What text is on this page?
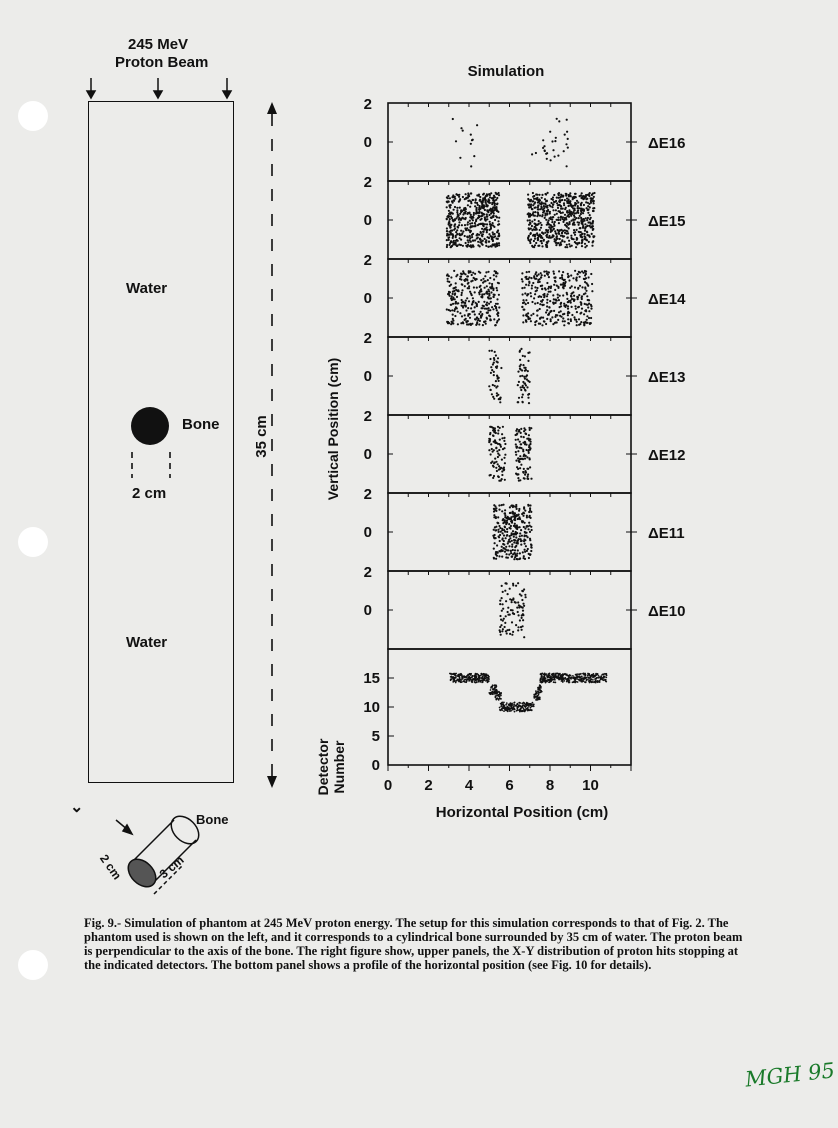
245 MeV
Proton Beam
Water
Bone
2 cm
Water
35 cm
⌄
Bone
2 cm	3 cm
Simulation
Vertical Position (cm)
Detector Number
Horizontal Position (cm)
2
0	ΔE16
2
0	ΔE15
2
0	ΔE14
2
0	ΔE13
2
0	ΔE12
2
0	ΔE11
2
0	ΔE10
0
5
10
15
0 2 4 6 8 10
Fig. 9.- Simulation of phantom at 245 MeV proton energy. The setup for this simulation corresponds to that of Fig. 2. The phantom used is shown on the left, and it corresponds to a cylindrical bone surrounded by 35 cm of water. The proton beam is perpendicular to the axis of the bone. The right figure show, upper panels, the X-Y distribution of proton hits stopping at the indicated detectors. The bottom panel shows a profile of the horizontal position (see Fig. 10 for details).
MGH 95
